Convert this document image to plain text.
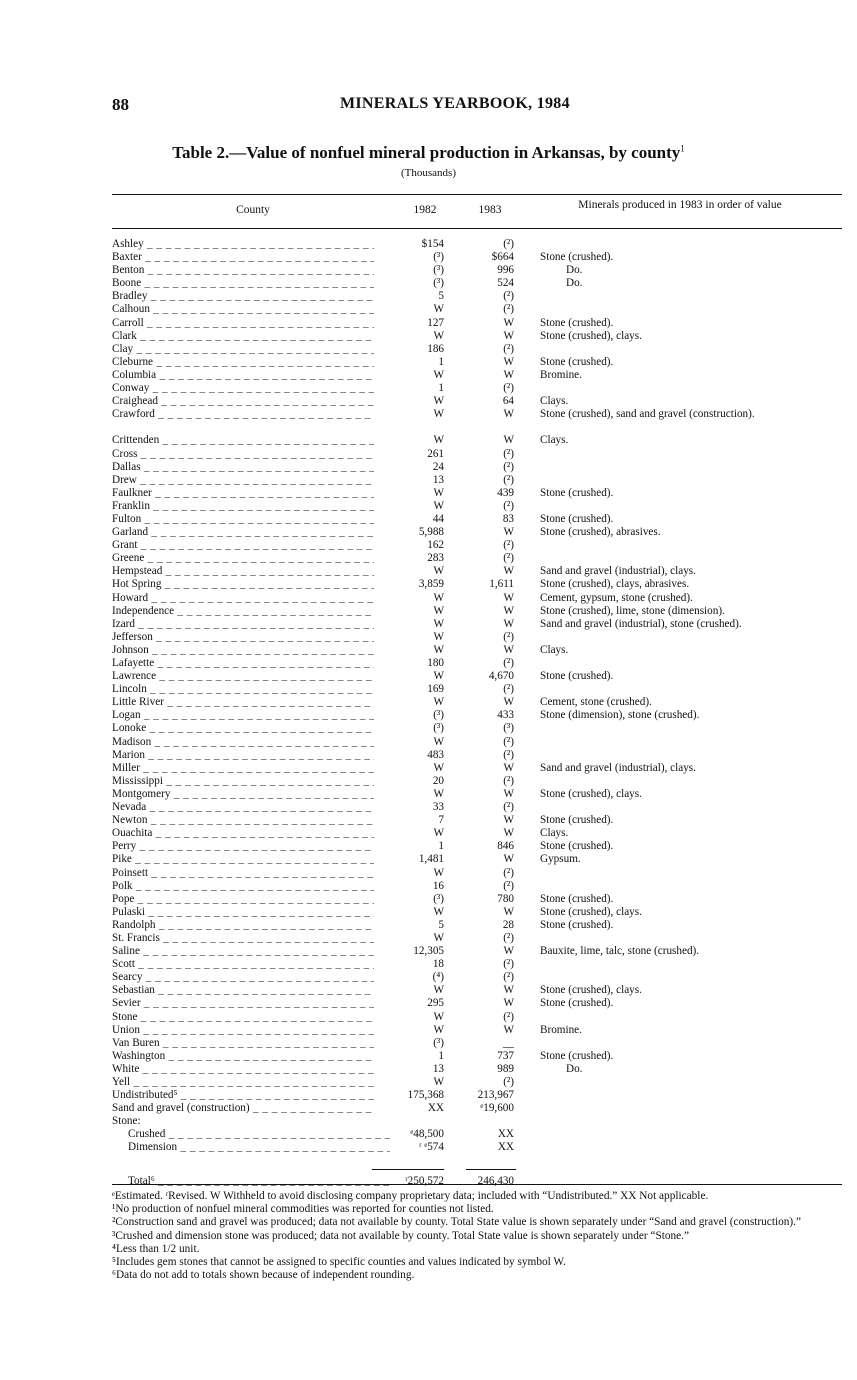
88	MINERALS YEARBOOK, 1984
Table 2.—Value of nonfuel mineral production in Arkansas, by county$^1$
(Thousands)
County	1982	1983	Minerals produced in 1983 in order of value
Ashley _ _ _	$154	(²)
Baxter _ _ _	(³)	$664 Stone (crushed).
Benton _ _ _	(³)	996	Do.
Boone _ _ _	(³)	524	Do.
Bradley _ _ _	5	(²)
Calhoun _ _ _	W	(²)
Carroll _ _ _	127	W Stone (crushed).
Clark _ _ _	W	W Stone (crushed), clays.
Clay _ _ _	186	(²)
Cleburne _ _ _	1	W Stone (crushed).
Columbia _ _ _	W	W Bromine.
Conway _ _ _	1	(²)
Craighead _ _ _	W	64 Clays.
Crawford _ _ _	W	W Stone (crushed), sand and gravel (construction).
Crittenden _ _ _	W	W Clays.
Cross _ _ _	261	(²)
Dallas _ _ _	24	(²)
Drew _ _ _	13	(²)
Faulkner _ _ _	W	439 Stone (crushed).
Franklin _ _ _	W	(²)
Fulton _ _ _	44	83 Stone (crushed).
Garland _ _ _	5,988	W Stone (crushed), abrasives.
Grant _ _ _	162	(²)
Greene _ _ _	283	(²)
Hempstead _ _ _	W	W Sand and gravel (industrial), clays.
Hot Spring _ _ _	3,859	1,611 Stone (crushed), clays, abrasives.
Howard _ _ _	W	W Cement, gypsum, stone (crushed).
Independence _ _ _	W	W Stone (crushed), lime, stone (dimension).
Izard _ _ _	W	W Sand and gravel (industrial), stone (crushed).
Jefferson _ _ _	W	(²)
Johnson _ _ _	W	W Clays.
Lafayette _ _ _	180	(²)
Lawrence _ _ _	W	4,670 Stone (crushed).
Lincoln _ _ _	169	(²)
Little River _ _ _	W	W Cement, stone (crushed).
Logan _ _ _	(³)	433 Stone (dimension), stone (crushed).
Lonoke _ _ _	(³)	(³)
Madison _ _ _	W	(²)
Marion _ _ _	483	(²)
Miller _ _ _	W	W Sand and gravel (industrial), clays.
Mississippi _ _ _	20	(²)
Montgomery _ _ _	W	W Stone (crushed), clays.
Nevada _ _ _	33	(²)
Newton _ _ _	7	W Stone (crushed).
Ouachita _ _ _	W	W Clays.
Perry _ _ _	1	846 Stone (crushed).
Pike _ _ _	1,481	W Gypsum.
Poinsett _ _ _	W	(²)
Polk _ _ _	16	(²)
Pope _ _ _	(³)	780 Stone (crushed).
Pulaski _ _ _	W	W Stone (crushed), clays.
Randolph _ _ _	5	28 Stone (crushed).
St. Francis _ _ _	W	(²)
Saline _ _ _	12,305	W Bauxite, lime, talc, stone (crushed).
Scott _ _ _	18	(²)
Searcy _ _ _	(⁴)	(²)
Sebastian _ _ _	W	W Stone (crushed), clays.
Sevier _ _ _	295	W Stone (crushed).
Stone _ _ _	W	(²)
Union _ _ _	W	W Bromine.
Van Buren _ _ _	(³)	__
Washington _ _ _	1	737 Stone (crushed).
White _ _ _	13	989	Do.
Yell _ _ _	W	(²)
Undistributed⁵ _ _ _	175,368	213,967
Sand and gravel (construction) _ _ _	XX	ᵉ19,600
Stone:
Crushed _ _ _	ᵉ48,500	XX
Dimension _ _ _	ʳ ᵉ574	XX
Total⁶ _ _ _	ʳ250,572	246,430

ᵉEstimated. ʳRevised. W Withheld to avoid disclosing company proprietary data; included with “Undistributed.” XX Not applicable.

¹No production of nonfuel mineral commodities was reported for counties not listed.

²Construction sand and gravel was produced; data not available by county. Total State value is shown separately under “Sand and gravel (construction).”

³Crushed and dimension stone was produced; data not available by county. Total State value is shown separately under “Stone.”

⁴Less than 1/2 unit.

⁵Includes gem stones that cannot be assigned to specific counties and values indicated by symbol W.

⁶Data do not add to totals shown because of independent rounding.
